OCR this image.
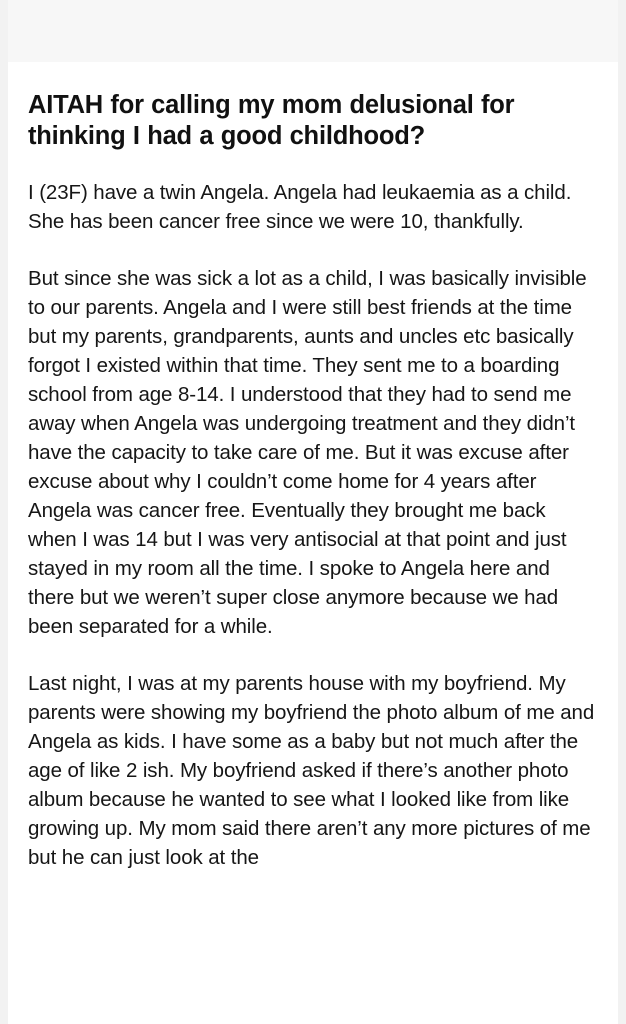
AITAH for calling my mom delusional for thinking I had a good childhood?

I (23F) have a twin Angela. Angela had leukaemia as a child. She has been cancer free since we were 10, thankfully.

But since she was sick a lot as a child, I was basically invisible to our parents. Angela and I were still best friends at the time but my parents, grandparents, aunts and uncles etc basically forgot I existed within that time. They sent me to a boarding school from age 8-14. I understood that they had to send me away when Angela was undergoing treatment and they didn’t have the capacity to take care of me. But it was excuse after excuse about why I couldn’t come home for 4 years after Angela was cancer free. Eventually they brought me back when I was 14 but I was very antisocial at that point and just stayed in my room all the time. I spoke to Angela here and there but we weren’t super close anymore because we had been separated for a while.

Last night, I was at my parents house with my boyfriend. My parents were showing my boyfriend the photo album of me and Angela as kids. I have some as a baby but not much after the age of like 2 ish. My boyfriend asked if there’s another photo album because he wanted to see what I looked like from like growing up. My mom said there aren’t any more pictures of me but he can just look at the
